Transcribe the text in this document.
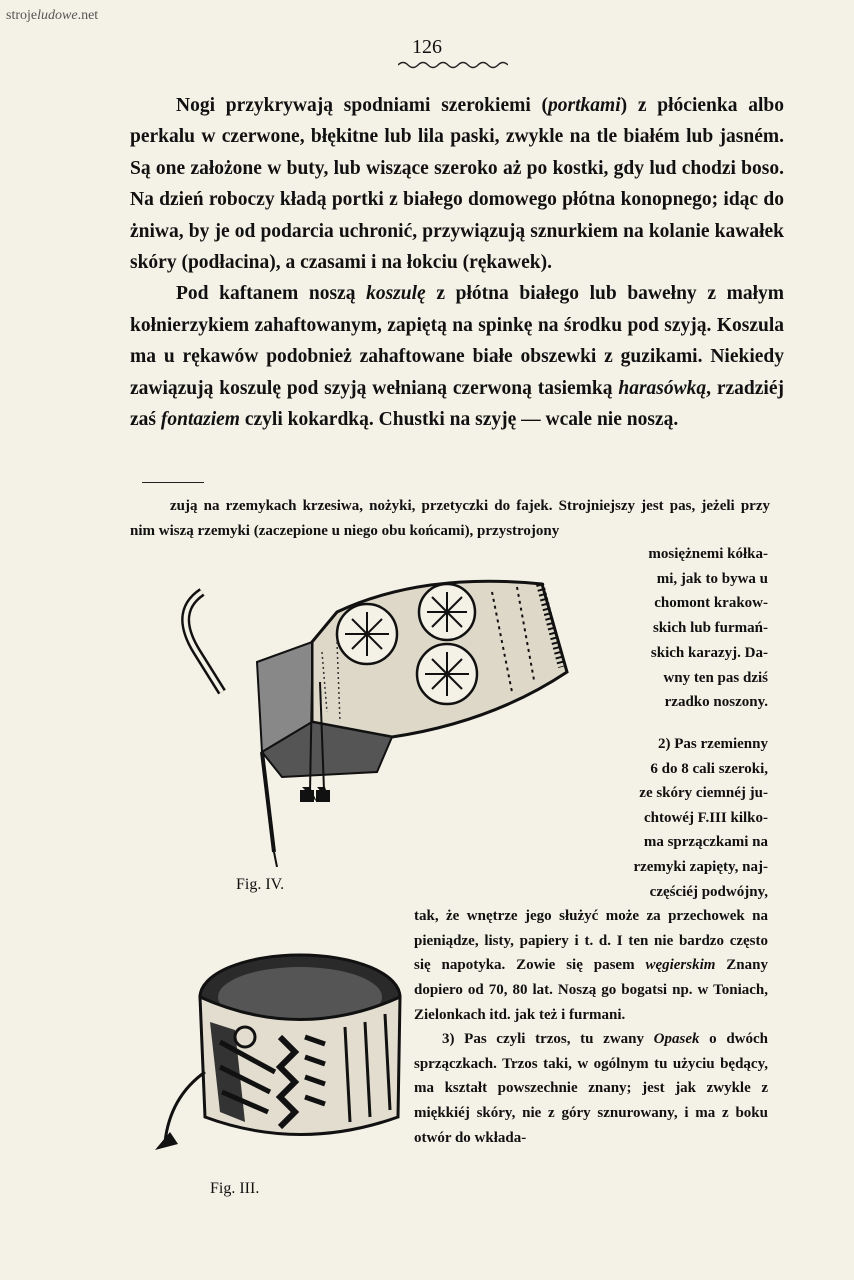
strojeludowe.net
126

Nogi przykrywają spodniami szerokiemi (portkami) z płócienka albo perkalu w czerwone, błękitne lub lila paski, zwykle na tle białém lub jasném. Są one założone w buty, lub wiszące szeroko aż po kostki, gdy lud chodzi boso. Na dzień roboczy kładą portki z białego domowego płótna konopnego; idąc do żniwa, by je od podarcia uchronić, przywiązują sznurkiem na kolanie kawałek skóry (podłacina), a czasami i na łokciu (rękawek).

Pod kaftanem noszą koszulę z płótna białego lub bawełny z małym kołnierzykiem zahaftowanym, zapiętą na spinkę na środku pod szyją. Koszula ma u rękawów podobnież zahaftowane białe obszewki z guzikami. Niekiedy zawiązują koszulę pod szyją wełnianą czerwoną tasiemką harasówką, rzadziéj zaś fontaziem czyli kokardką. Chustki na szyję — wcale nie noszą.

zują na rzemykach krzesiwa, nożyki, przetyczki do fajek. Strojniejszy jest pas, jeżeli przy nim wiszą rzemyki (zaczepione u niego obu końcami), przystrojony

mosiężnemi kółka-

mi, jak to bywa u

chomont krakow-

skich lub furmań-

skich karazyj. Da-

wny ten pas dziś

rzadko noszony.

2) Pas rzemienny

6 do 8 cali szeroki,

ze skóry ciemnéj ju-

chtowéj F.III kilko-

ma sprzączkami na

rzemyki zapięty, naj-

częściéj podwójny,

tak, że wnętrze jego służyć może za przechowek na pieniądze, listy, papiery i t. d. I ten nie bardzo często się napotyka. Zowie się pasem węgierskim Znany dopiero od 70, 80 lat. Noszą go bogatsi np. w Toniach, Zielonkach itd. jak też i furmani.

3) Pas czyli trzos, tu zwany Opasek o dwóch sprzączkach. Trzos taki, w ogólnym tu użyciu będący, ma kształt powszechnie znany; jest jak zwykle z miękkiéj skóry, nie z góry sznurowany, i ma z boku otwór do wkłada-

Fig. IV.
Fig. III.
